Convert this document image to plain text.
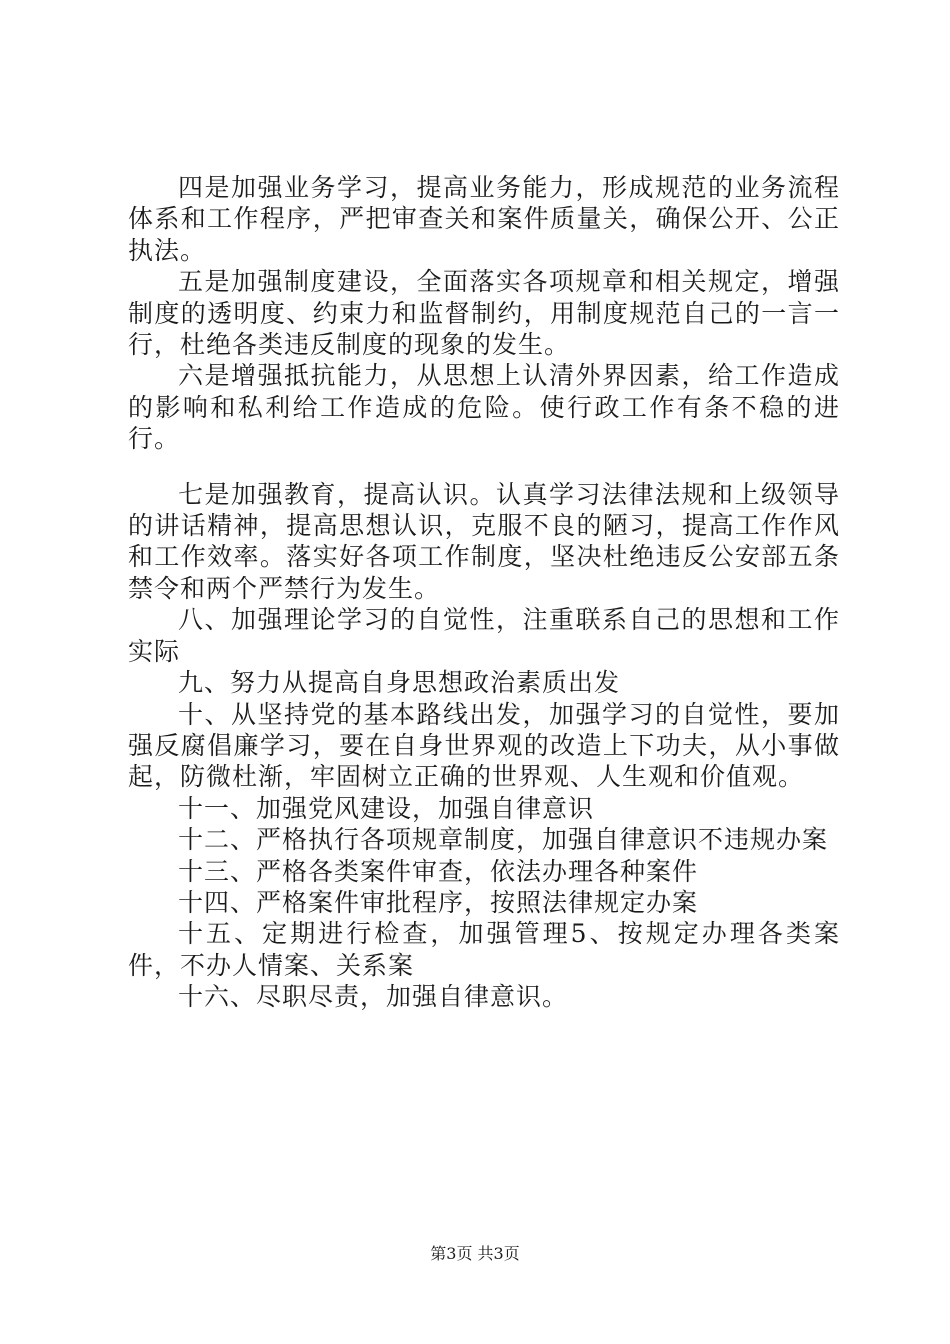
四是加强业务学习，提高业务能力，形成规范的业务流程体系和工作程序，严把审查关和案件质量关，确保公开、公正执法。

五是加强制度建设，全面落实各项规章和相关规定，增强制度的透明度、约束力和监督制约，用制度规范自己的一言一行，杜绝各类违反制度的现象的发生。

六是增强抵抗能力，从思想上认清外界因素，给工作造成的影响和私利给工作造成的危险。使行政工作有条不稳的进行。

七是加强教育，提高认识。认真学习法律法规和上级领导的讲话精神，提高思想认识，克服不良的陋习，提高工作作风和工作效率。落实好各项工作制度，坚决杜绝违反公安部五条禁令和两个严禁行为发生。

八、加强理论学习的自觉性，注重联系自己的思想和工作实际

九、努力从提高自身思想政治素质出发

十、从坚持党的基本路线出发，加强学习的自觉性，要加强反腐倡廉学习，要在自身世界观的改造上下功夫，从小事做起，防微杜渐，牢固树立正确的世界观、人生观和价值观。

十一、加强党风建设，加强自律意识

十二、严格执行各项规章制度，加强自律意识不违规办案

十三、严格各类案件审查，依法办理各种案件

十四、严格案件审批程序，按照法律规定办案

十五、定期进行检查，加强管理5、按规定办理各类案件，不办人情案、关系案

十六、尽职尽责，加强自律意识。

第3页 共3页
